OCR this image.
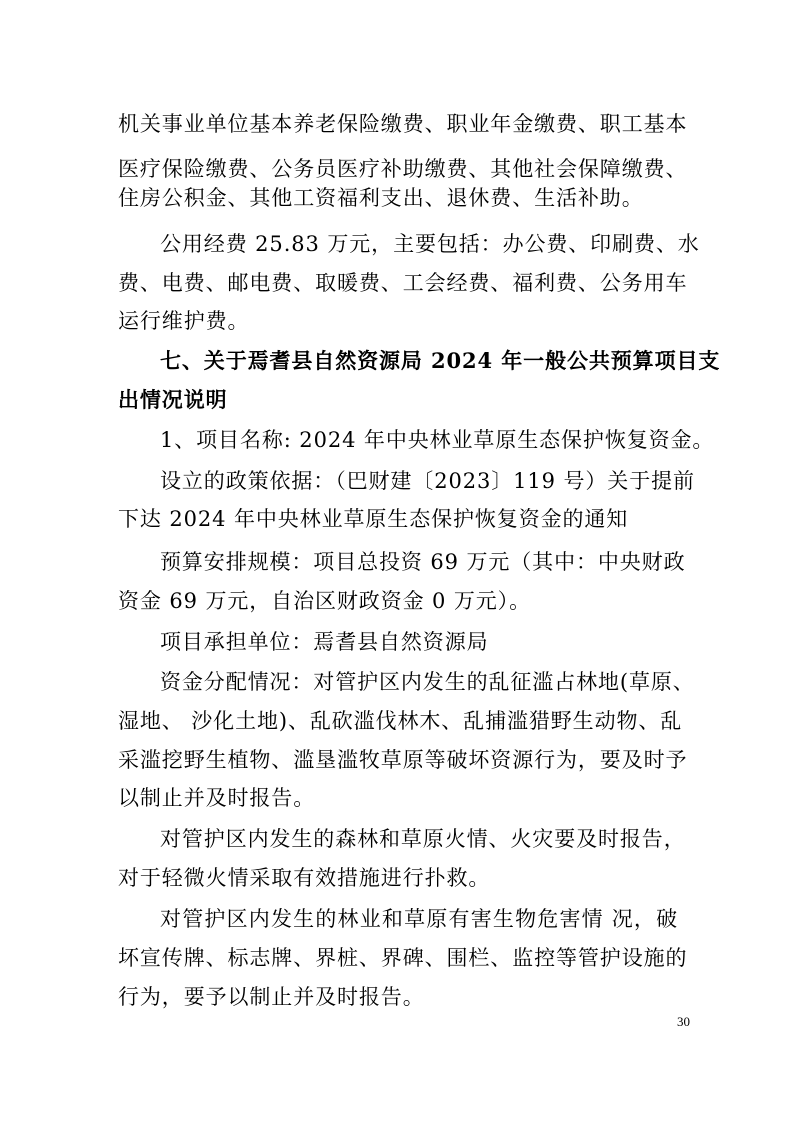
机关事业单位基本养老保险缴费、职业年金缴费、职工基本
医疗保险缴费、公务员医疗补助缴费、其他社会保障缴费、
住房公积金、其他工资福利支出、退休费、生活补助。
公用经费 25.83 万元，主要包括：办公费、印刷费、水
费、电费、邮电费、取暖费、工会经费、福利费、公务用车
运行维护费。
七、关于焉耆县自然资源局 2024 年一般公共预算项目支
出情况说明
1、项目名称: 2024 年中央林业草原生态保护恢复资金。
设立的政策依据：（巴财建〔2023〕119 号）关于提前
下达 2024 年中央林业草原生态保护恢复资金的通知
预算安排规模：项目总投资 69 万元（其中：中央财政
资金 69 万元，自治区财政资金 0 万元）。
项目承担单位：焉耆县自然资源局
资金分配情况：对管护区内发生的乱征滥占林地(草原、
湿地、 沙化土地)、乱砍滥伐林木、乱捕滥猎野生动物、乱
采滥挖野生植物、滥垦滥牧草原等破坏资源行为，要及时予
以制止并及时报告。
对管护区内发生的森林和草原火情、火灾要及时报告，
对于轻微火情采取有效措施进行扑救。
对管护区内发生的林业和草原有害生物危害情 况，破
坏宣传牌、标志牌、界桩、界碑、围栏、监控等管护设施的
行为，要予以制止并及时报告。
30
